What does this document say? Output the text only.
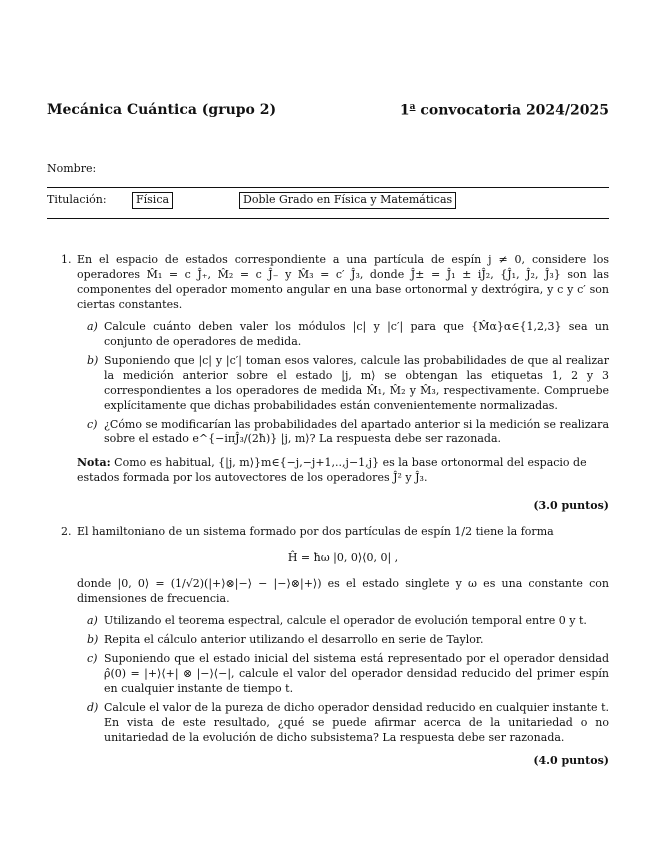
Mecánica Cuántica (grupo 2)	1$^a$ convocatoria 2024/2025
Nombre:
Titulación:	Física	Doble Grado en Física y Matemáticas
1. En el espacio de estados correspondiente a una partícula de espín j ≠ 0, considere los operadores M̂₁ = c Ĵ₊, M̂₂ = c Ĵ₋ y M̂₃ = c′ Ĵ₃, donde Ĵ± = Ĵ₁ ± iĴ₂, {Ĵ₁, Ĵ₂, Ĵ₃} son las componentes del operador momento angular en una base ortonormal y dextrógira, y c y c′ son ciertas constantes.

a) Calcule cuánto deben valer los módulos |c| y |c′| para que {M̂α}α∈{1,2,3} sea un conjunto de operadores de medida.
b) Suponiendo que |c| y |c′| toman esos valores, calcule las probabilidades de que al realizar la medición anterior sobre el estado |j, m⟩ se obtengan las etiquetas 1, 2 y 3 correspondientes a los operadores de medida M̂₁, M̂₂ y M̂₃, respectivamente. Compruebe explícitamente que dichas probabilidades están convenientemente normalizadas.
c) ¿Cómo se modificarían las probabilidades del apartado anterior si la medición se realizara sobre el estado e^{−iπĴ₃/(2ħ)} |j, m⟩? La respuesta debe ser razonada.
Nota: Como es habitual, {|j, m⟩}m∈{−j,−j+1,..,j−1,j} es la base ortonormal del espacio de estados formada por los autovectores de los operadores Ĵ² y Ĵ₃.
(3.0 puntos)
2. El hamiltoniano de un sistema formado por dos partículas de espín 1/2 tiene la forma

Ĥ = ħω |0, 0⟩⟨0, 0| ,

donde |0, 0⟩ = (1/√2)(|+⟩⊗|−⟩ − |−⟩⊗|+⟩) es el estado singlete y ω es una constante con dimensiones de frecuencia.

a) Utilizando el teorema espectral, calcule el operador de evolución temporal entre 0 y t.
b) Repita el cálculo anterior utilizando el desarrollo en serie de Taylor.
c) Suponiendo que el estado inicial del sistema está representado por el operador densidad ρ̂(0) = |+⟩⟨+| ⊗ |−⟩⟨−|, calcule el valor del operador densidad reducido del primer espín en cualquier instante de tiempo t.
d) Calcule el valor de la pureza de dicho operador densidad reducido en cualquier instante t. En vista de este resultado, ¿qué se puede afirmar acerca de la unitariedad o no unitariedad de la evolución de dicho subsistema? La respuesta debe ser razonada.
(4.0 puntos)
